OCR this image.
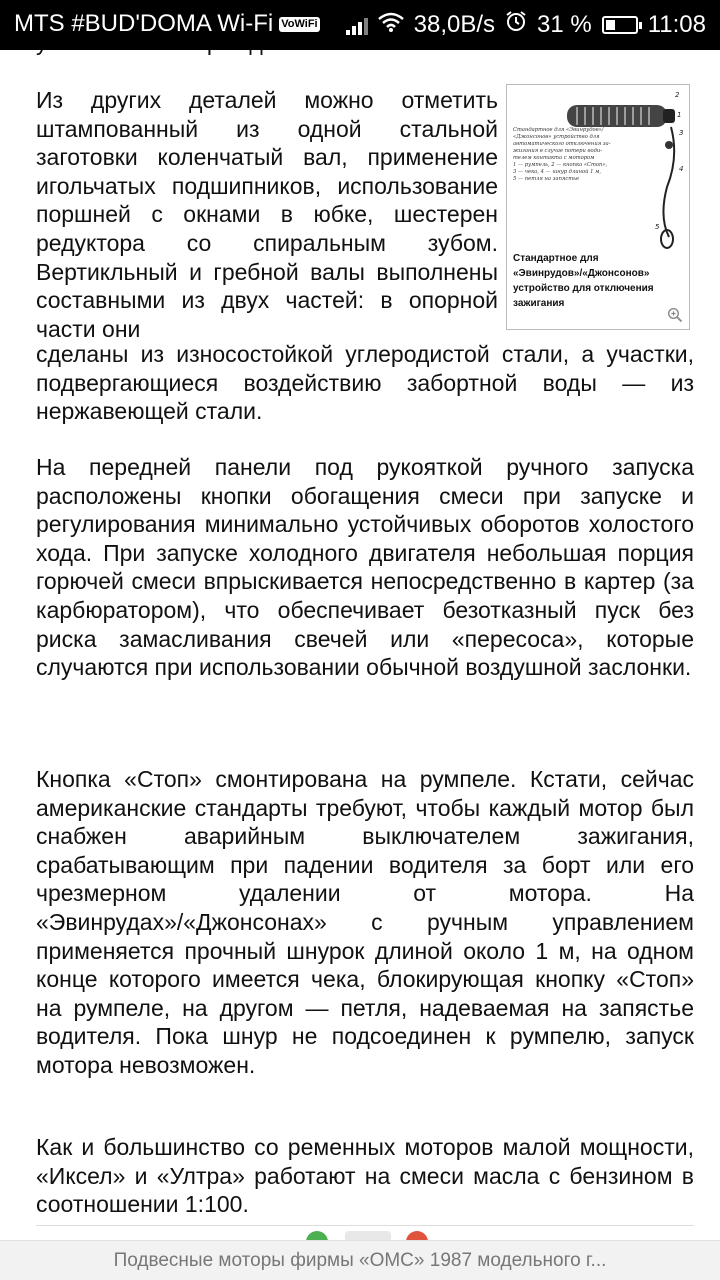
MTS #BUD'DOMA Wi-Fi VoWiFi	38,0B/s 31 % 11:08
Из других деталей можно отметить штампованный из одной стальной заготовки коленчатый вал, применение игольчатых подшипников, использование поршней с окнами в юбке, шестерен редуктора со спиральным зубом. Вертикльный и гребной валы выполнены составными из двух частей: в опорной части они
сделаны из износостойкой углеродистой стали, а участки, подвергающиеся воздействию забортной воды — из нержавеющей стали.
На передней панели под рукояткой ручного запуска расположены кнопки обогащения смеси при запуске и регулирования минимально устойчивых оборотов холостого хода. При запуске холодного двигателя небольшая порция горючей смеси впрыскивается непосредственно в картер (за карбюратором), что обеспечивает безотказный пуск без риска замасливания свечей или «пересоса», которые случаются при использовании обычной воздушной заслонки.
Кнопка «Стоп» смонтирована на румпеле. Кстати, сейчас американские стандарты требуют, чтобы каждый мотор был снабжен аварийным выключателем зажигания, срабатывающим при падении водителя за борт или его чрезмерном удалении от мотора. На «Эвинрудах»/«Джонсонах» с ручным управлением применяется прочный шнурок длиной около 1 м, на одном конце которого имеется чека, блокирующая кнопку «Стоп» на румпеле, на другом — петля, надеваемая на запястье водителя. Пока шнур не подсоединен к румпелю, запуск мотора невозможен.
Как и большинство со ременных моторов малой мощности, «Иксел» и «Ултра» работают на смеси масла с бензином в соотношении 1:100.
Стандартное для «Эвинрудов»/ «Джонсонов» устройство для автоматического отключения за- жигания в случае потери води- телем контакта с мотором 1 — румпель, 2 — кнопка «Стоп», 3 — чека, 4 — шнур длиной 1 м, 5 — петля на запястье
2
1
3
4
5
Стандартное для «Эвинрудов»/«Джонсонов» устройство для отключения зажигания
Подвесные моторы фирмы «ОМС» 1987 модельного г...
